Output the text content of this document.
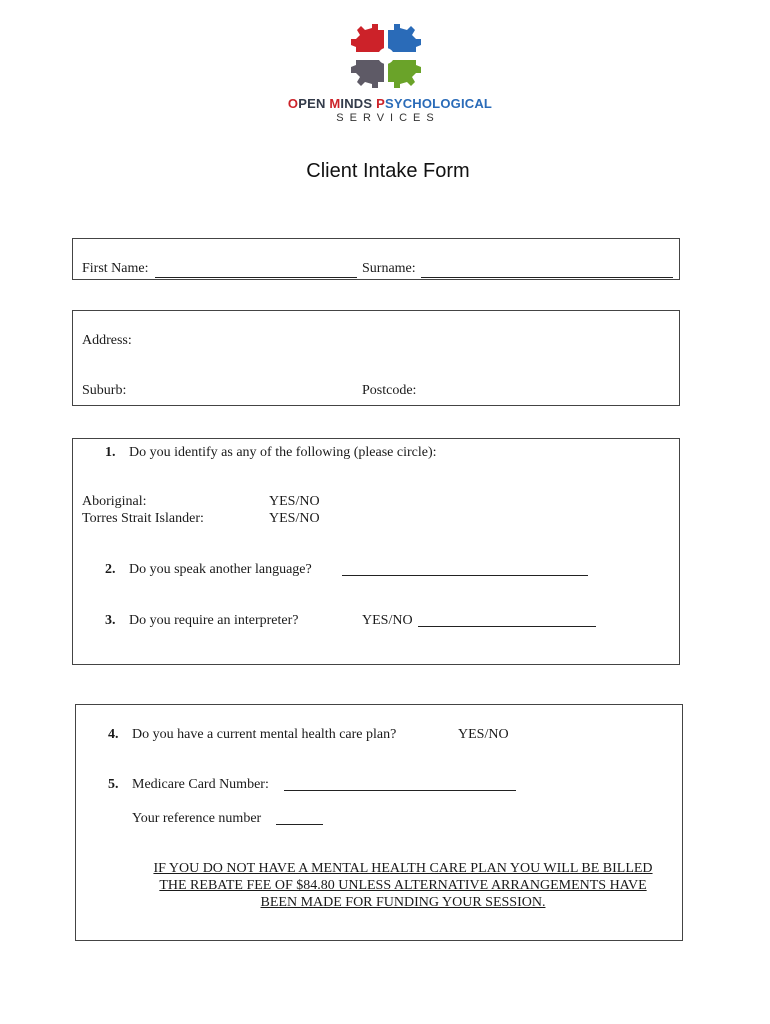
OPEN MINDS PSYCHOLOGICAL
SERVICES
Client Intake Form
First Name:	Surname:
Address:
Suburb:	Postcode:
1. Do you identify as any of the following (please circle):
Aboriginal:	YES/NO
Torres Strait Islander:	YES/NO
2. Do you speak another language?
3. Do you require an interpreter?	YES/NO
4. Do you have a current mental health care plan?	YES/NO
5. Medicare Card Number:
Your reference number
IF YOU DO NOT HAVE A MENTAL HEALTH CARE PLAN YOU WILL BE BILLED THE REBATE FEE OF $84.80 UNLESS ALTERNATIVE ARRANGEMENTS HAVE BEEN MADE FOR FUNDING YOUR SESSION.
